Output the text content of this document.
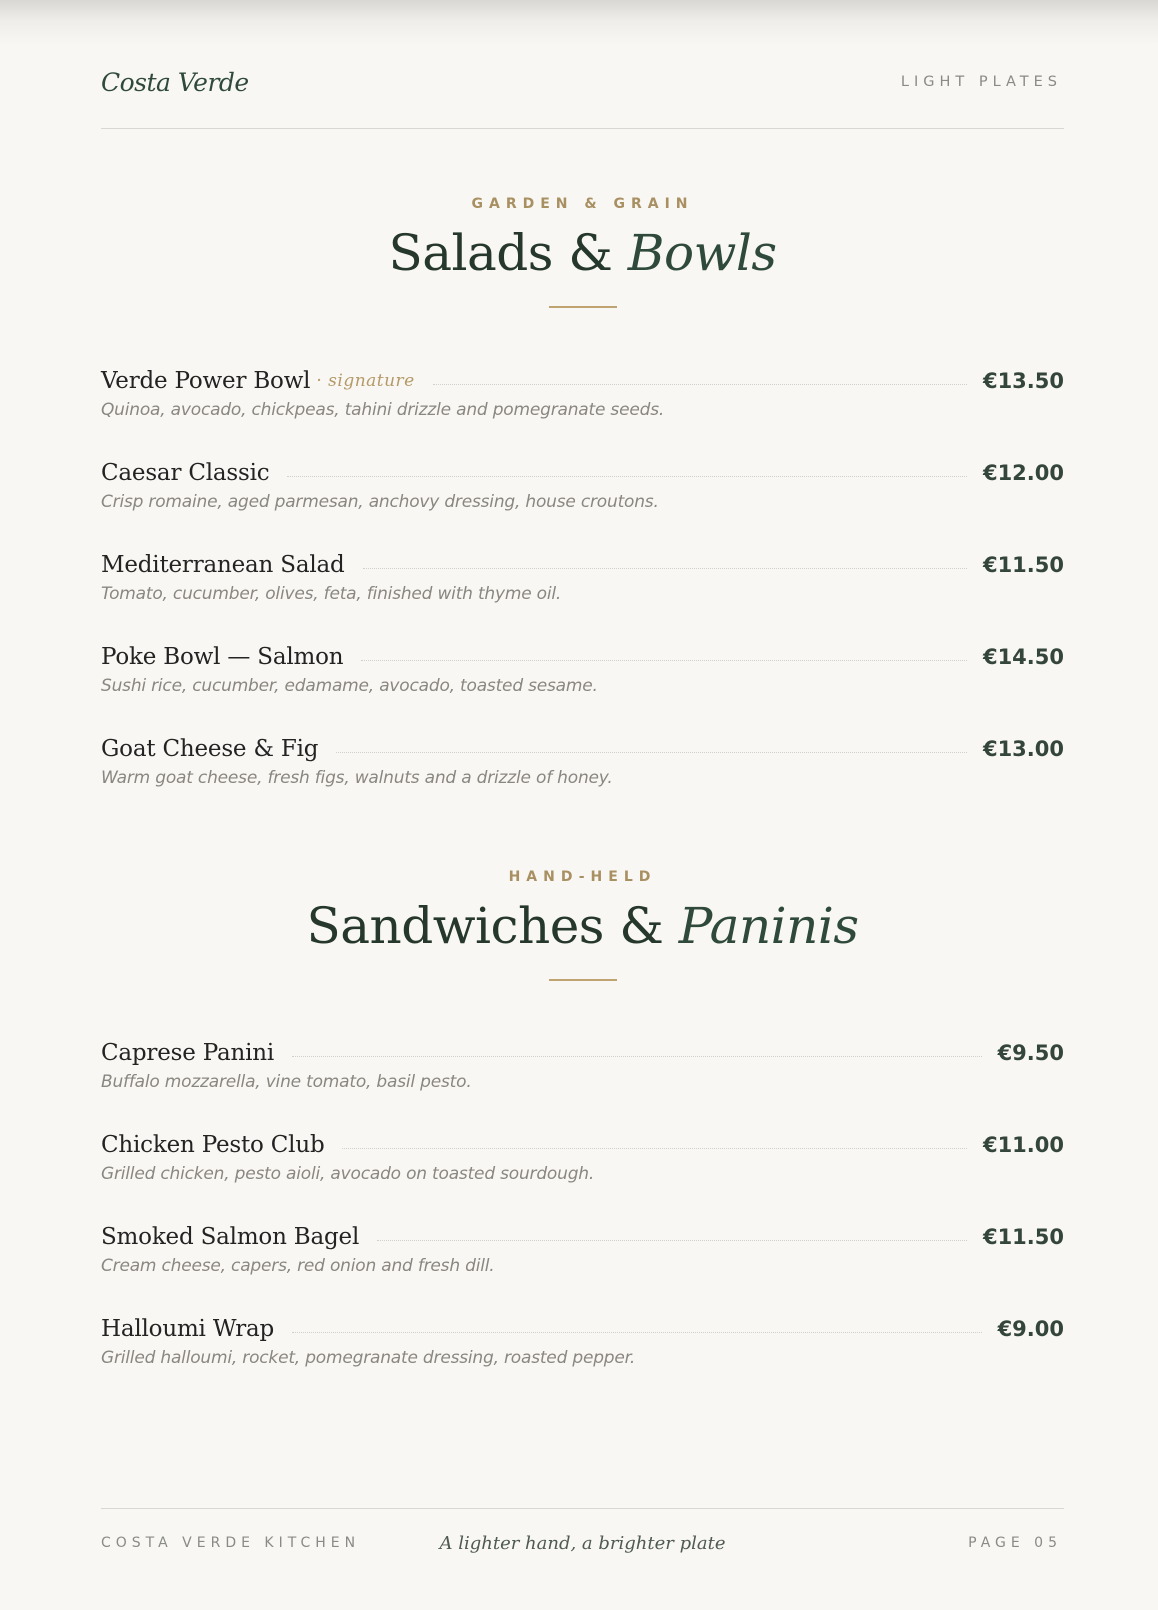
Costa Verde	LIGHT PLATES
GARDEN & GRAIN
Salads & Bowls
Verde Power Bowl · signature	€13.50
Quinoa, avocado, chickpeas, tahini drizzle and pomegranate seeds.
Caesar Classic	€12.00
Crisp romaine, aged parmesan, anchovy dressing, house croutons.
Mediterranean Salad	€11.50
Tomato, cucumber, olives, feta, finished with thyme oil.
Poke Bowl — Salmon	€14.50
Sushi rice, cucumber, edamame, avocado, toasted sesame.
Goat Cheese & Fig	€13.00
Warm goat cheese, fresh figs, walnuts and a drizzle of honey.
HAND-HELD
Sandwiches & Paninis
Caprese Panini	€9.50
Buffalo mozzarella, vine tomato, basil pesto.
Chicken Pesto Club	€11.00
Grilled chicken, pesto aioli, avocado on toasted sourdough.
Smoked Salmon Bagel	€11.50
Cream cheese, capers, red onion and fresh dill.
Halloumi Wrap	€9.00
Grilled halloumi, rocket, pomegranate dressing, roasted pepper.
COSTA VERDE KITCHEN	A lighter hand, a brighter plate	PAGE 05
